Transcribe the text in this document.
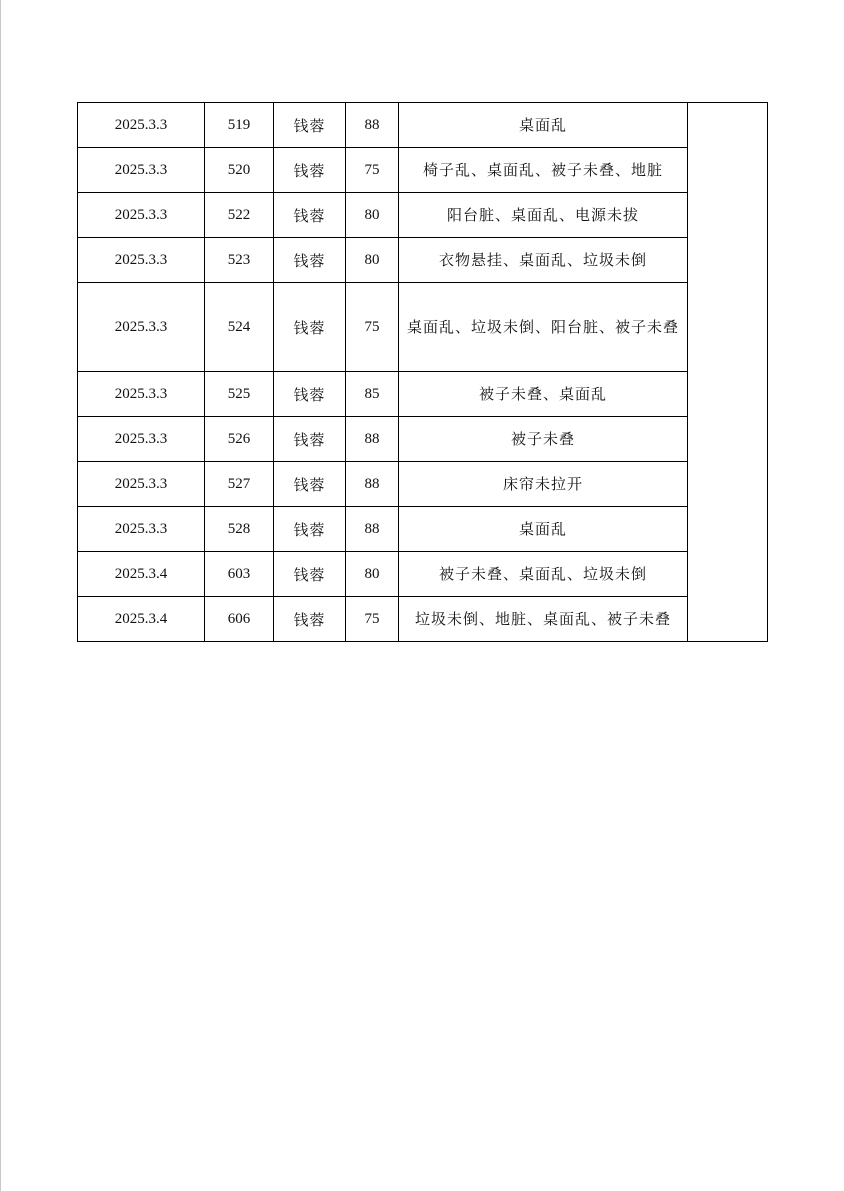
2025.3.3	519	钱蓉	88	桌面乱	
2025.3.3	520	钱蓉	75	椅子乱、桌面乱、被子未叠、地脏	
2025.3.3	522	钱蓉	80	阳台脏、桌面乱、电源未拔	
2025.3.3	523	钱蓉	80	衣物悬挂、桌面乱、垃圾未倒	
2025.3.3	524	钱蓉	75	桌面乱、垃圾未倒、阳台脏、被子未叠	
2025.3.3	525	钱蓉	85	被子未叠、桌面乱	
2025.3.3	526	钱蓉	88	被子未叠	
2025.3.3	527	钱蓉	88	床帘未拉开	
2025.3.3	528	钱蓉	88	桌面乱	
2025.3.4	603	钱蓉	80	被子未叠、桌面乱、垃圾未倒	
2025.3.4	606	钱蓉	75	垃圾未倒、地脏、桌面乱、被子未叠	
